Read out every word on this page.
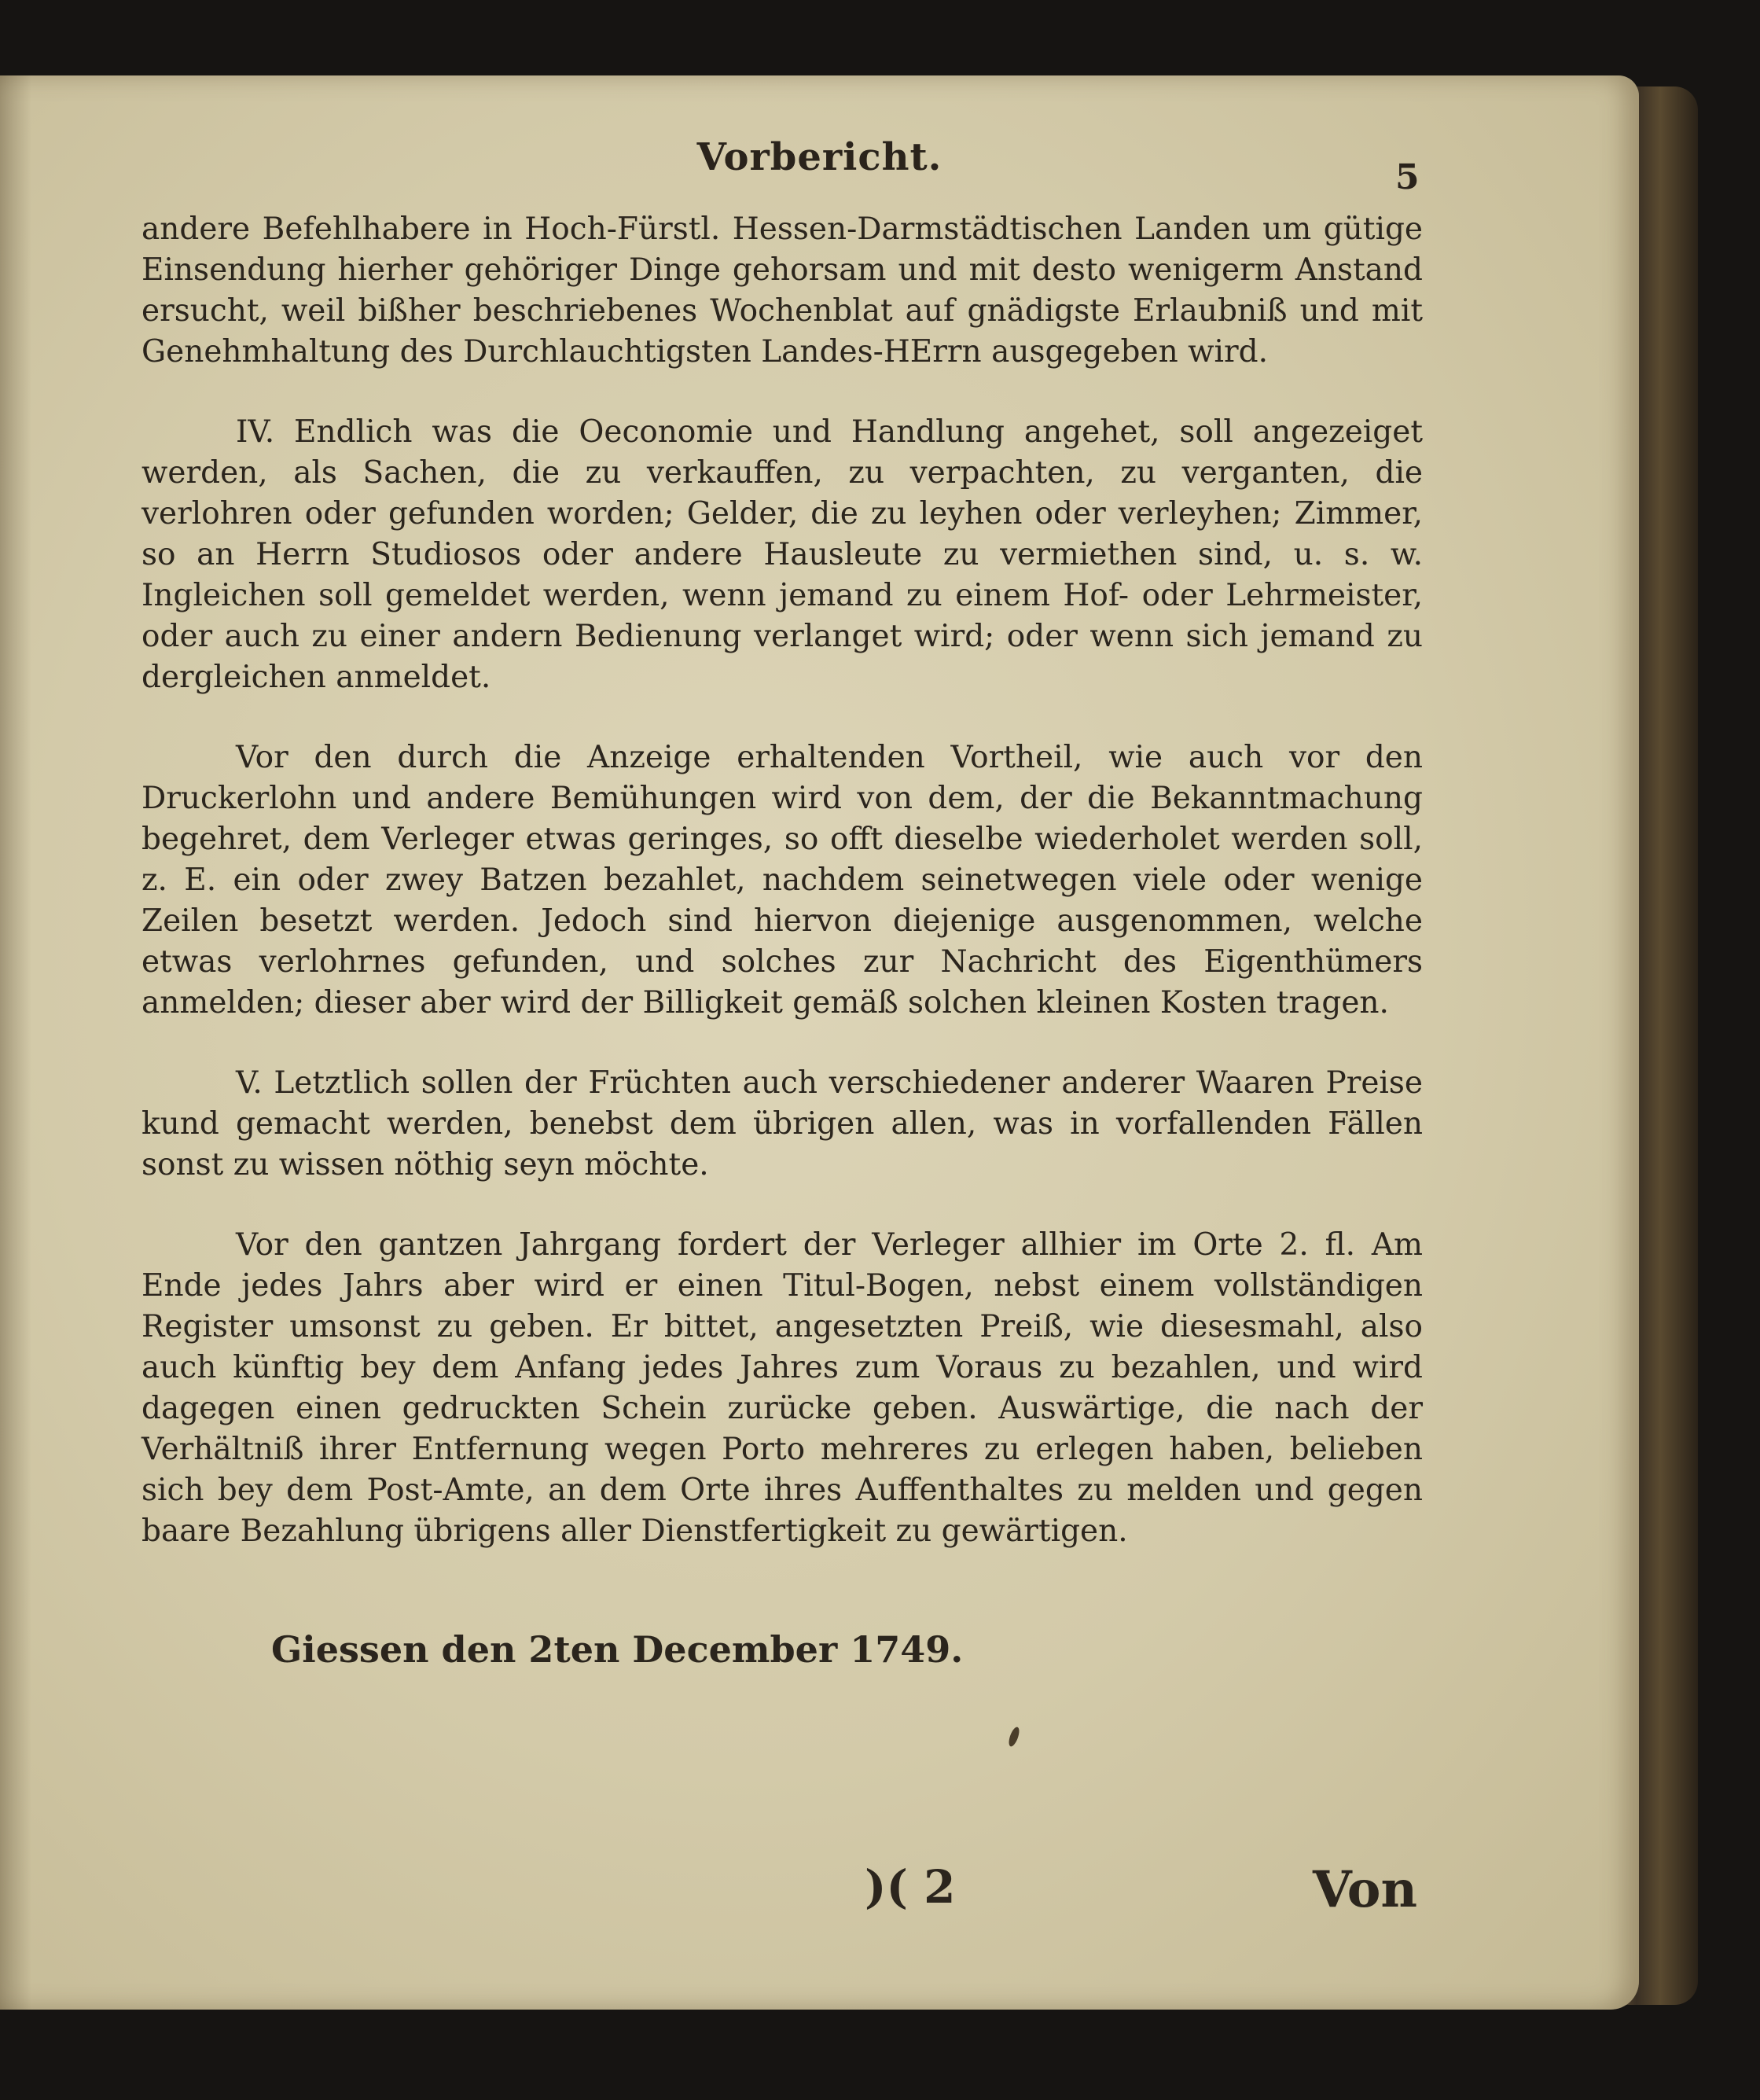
Vorbericht.	5

andere Befehlhabere in Hoch-Fürstl. Hessen-Darmstädtischen Landen um gütige Einsendung hierher gehöriger Dinge gehorsam und mit desto wenigerm Anstand ersucht, weil bißher beschriebenes Wochenblat auf gnädigste Erlaubniß und mit Genehmhaltung des Durchlauchtigsten Landes-HErrn ausgegeben wird.

IV. Endlich was die Oeconomie und Handlung angehet, soll angezeiget werden, als Sachen, die zu verkauffen, zu verpachten, zu verganten, die verlohren oder gefunden worden; Gelder, die zu leyhen oder verleyhen; Zimmer, so an Herrn Studiosos oder andere Hausleute zu vermiethen sind, u. s. w. Ingleichen soll gemeldet werden, wenn jemand zu einem Hof- oder Lehrmeister, oder auch zu einer andern Bedienung verlanget wird; oder wenn sich jemand zu dergleichen anmeldet.

Vor den durch die Anzeige erhaltenden Vortheil, wie auch vor den Druckerlohn und andere Bemühungen wird von dem, der die Bekanntmachung begehret, dem Verleger etwas geringes, so offt dieselbe wiederholet werden soll, z. E. ein oder zwey Batzen bezahlet, nachdem seinetwegen viele oder wenige Zeilen besetzt werden. Jedoch sind hiervon diejenige ausgenommen, welche etwas verlohrnes gefunden, und solches zur Nachricht des Eigenthümers anmelden; dieser aber wird der Billigkeit gemäß solchen kleinen Kosten tragen.

V. Letztlich sollen der Früchten auch verschiedener anderer Waaren Preise kund gemacht werden, benebst dem übrigen allen, was in vorfallenden Fällen sonst zu wissen nöthig seyn möchte.

Vor den gantzen Jahrgang fordert der Verleger allhier im Orte 2. fl. Am Ende jedes Jahrs aber wird er einen Titul-Bogen, nebst einem vollständigen Register umsonst zu geben. Er bittet, angesetzten Preiß, wie diesesmahl, also auch künftig bey dem Anfang jedes Jahres zum Voraus zu bezahlen, und wird dagegen einen gedruckten Schein zurücke geben. Auswärtige, die nach der Verhältniß ihrer Entfernung wegen Porto mehreres zu erlegen haben, belieben sich bey dem Post-Amte, an dem Orte ihres Auffenthaltes zu melden und gegen baare Bezahlung übrigens aller Dienstfertigkeit zu gewärtigen.

Giessen den 2ten December 1749.
)( 2	Von
